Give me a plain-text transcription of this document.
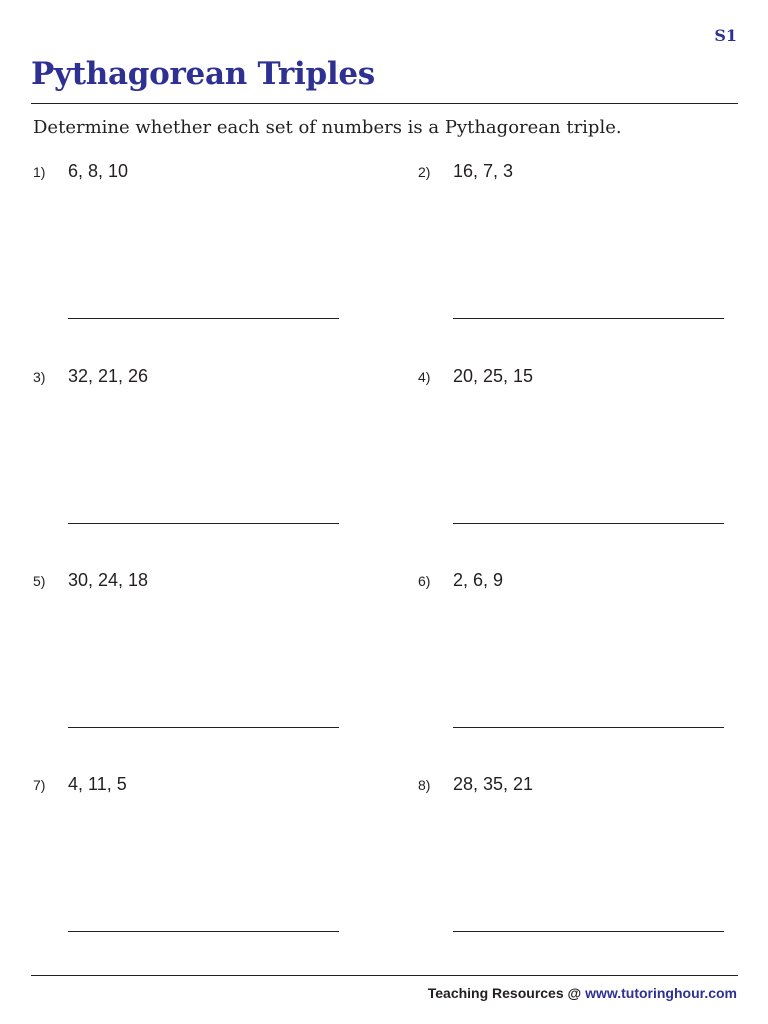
S1
Pythagorean Triples
Determine whether each set of numbers is a Pythagorean triple.
1) 6, 8, 10	2) 16, 7, 3
3) 32, 21, 26	4) 20, 25, 15
5) 30, 24, 18	6) 2, 6, 9
7) 4, 11, 5	8) 28, 35, 21
Teaching Resources @ www.tutoringhour.com
